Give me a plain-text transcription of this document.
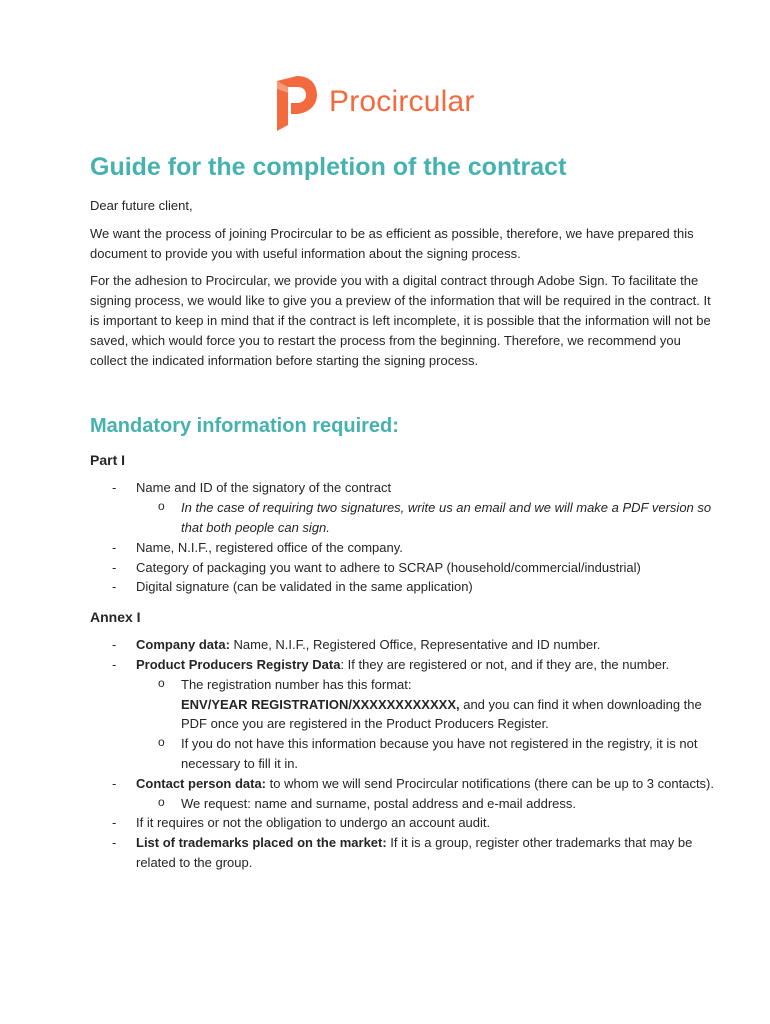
Procircular
Guide for the completion of the contract

Dear future client,

We want the process of joining Procircular to be as efficient as possible, therefore, we have prepared this document to provide you with useful information about the signing process.

For the adhesion to Procircular, we provide you with a digital contract through Adobe Sign. To facilitate the signing process, we would like to give you a preview of the information that will be required in the contract. It is important to keep in mind that if the contract is left incomplete, it is possible that the information will not be saved, which would force you to restart the process from the beginning. Therefore, we recommend you collect the indicated information before starting the signing process.

Mandatory information required:
Part I
- Name and ID of the signatory of the contract
o In the case of requiring two signatures, write us an email and we will make a PDF version so that both people can sign.
- Name, N.I.F., registered office of the company.
- Category of packaging you want to adhere to SCRAP (household/commercial/industrial)
- Digital signature (can be validated in the same application)
Annex I
- Company data: Name, N.I.F., Registered Office, Representative and ID number.
- Product Producers Registry Data: If they are registered or not, and if they are, the number.
o The registration number has this format:
ENV/YEAR REGISTRATION/XXXXXXXXXXXX, and you can find it when downloading the PDF once you are registered in the Product Producers Register.
o If you do not have this information because you have not registered in the registry, it is not necessary to fill it in.
- Contact person data: to whom we will send Procircular notifications (there can be up to 3 contacts).
o We request: name and surname, postal address and e-mail address.
- If it requires or not the obligation to undergo an account audit.
- List of trademarks placed on the market: If it is a group, register other trademarks that may be related to the group.
